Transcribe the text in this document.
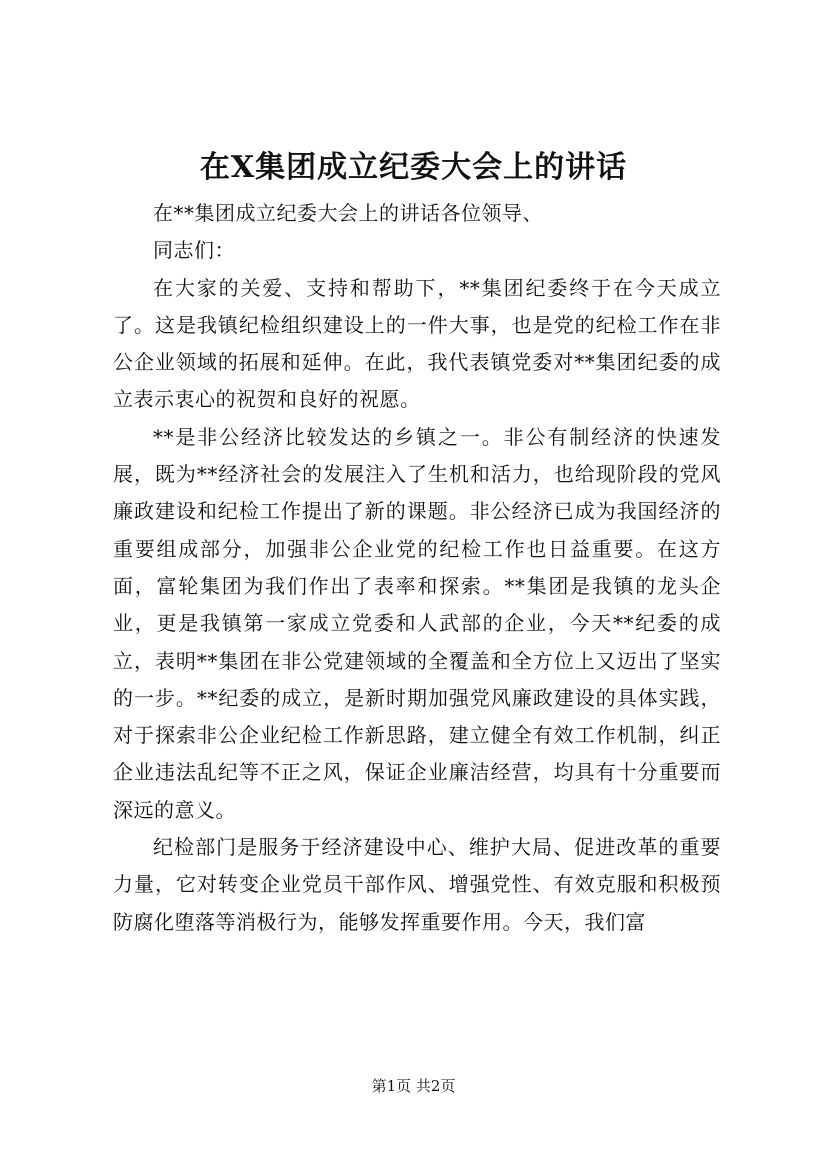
在X集团成立纪委大会上的讲话

在**集团成立纪委大会上的讲话各位领导、

同志们：

在大家的关爱、支持和帮助下，**集团纪委终于在今天成立了。这是我镇纪检组织建设上的一件大事，也是党的纪检工作在非公企业领域的拓展和延伸。在此，我代表镇党委对**集团纪委的成立表示衷心的祝贺和良好的祝愿。

**是非公经济比较发达的乡镇之一。非公有制经济的快速发展，既为**经济社会的发展注入了生机和活力，也给现阶段的党风廉政建设和纪检工作提出了新的课题。非公经济已成为我国经济的重要组成部分，加强非公企业党的纪检工作也日益重要。在这方面，富轮集团为我们作出了表率和探索。**集团是我镇的龙头企业，更是我镇第一家成立党委和人武部的企业，今天**纪委的成立，表明**集团在非公党建领域的全覆盖和全方位上又迈出了坚实的一步。**纪委的成立，是新时期加强党风廉政建设的具体实践，对于探索非公企业纪检工作新思路，建立健全有效工作机制，纠正企业违法乱纪等不正之风，保证企业廉洁经营，均具有十分重要而深远的意义。

纪检部门是服务于经济建设中心、维护大局、促进改革的重要力量，它对转变企业党员干部作风、增强党性、有效克服和积极预防腐化堕落等消极行为，能够发挥重要作用。今天，我们富

第1页 共2页
